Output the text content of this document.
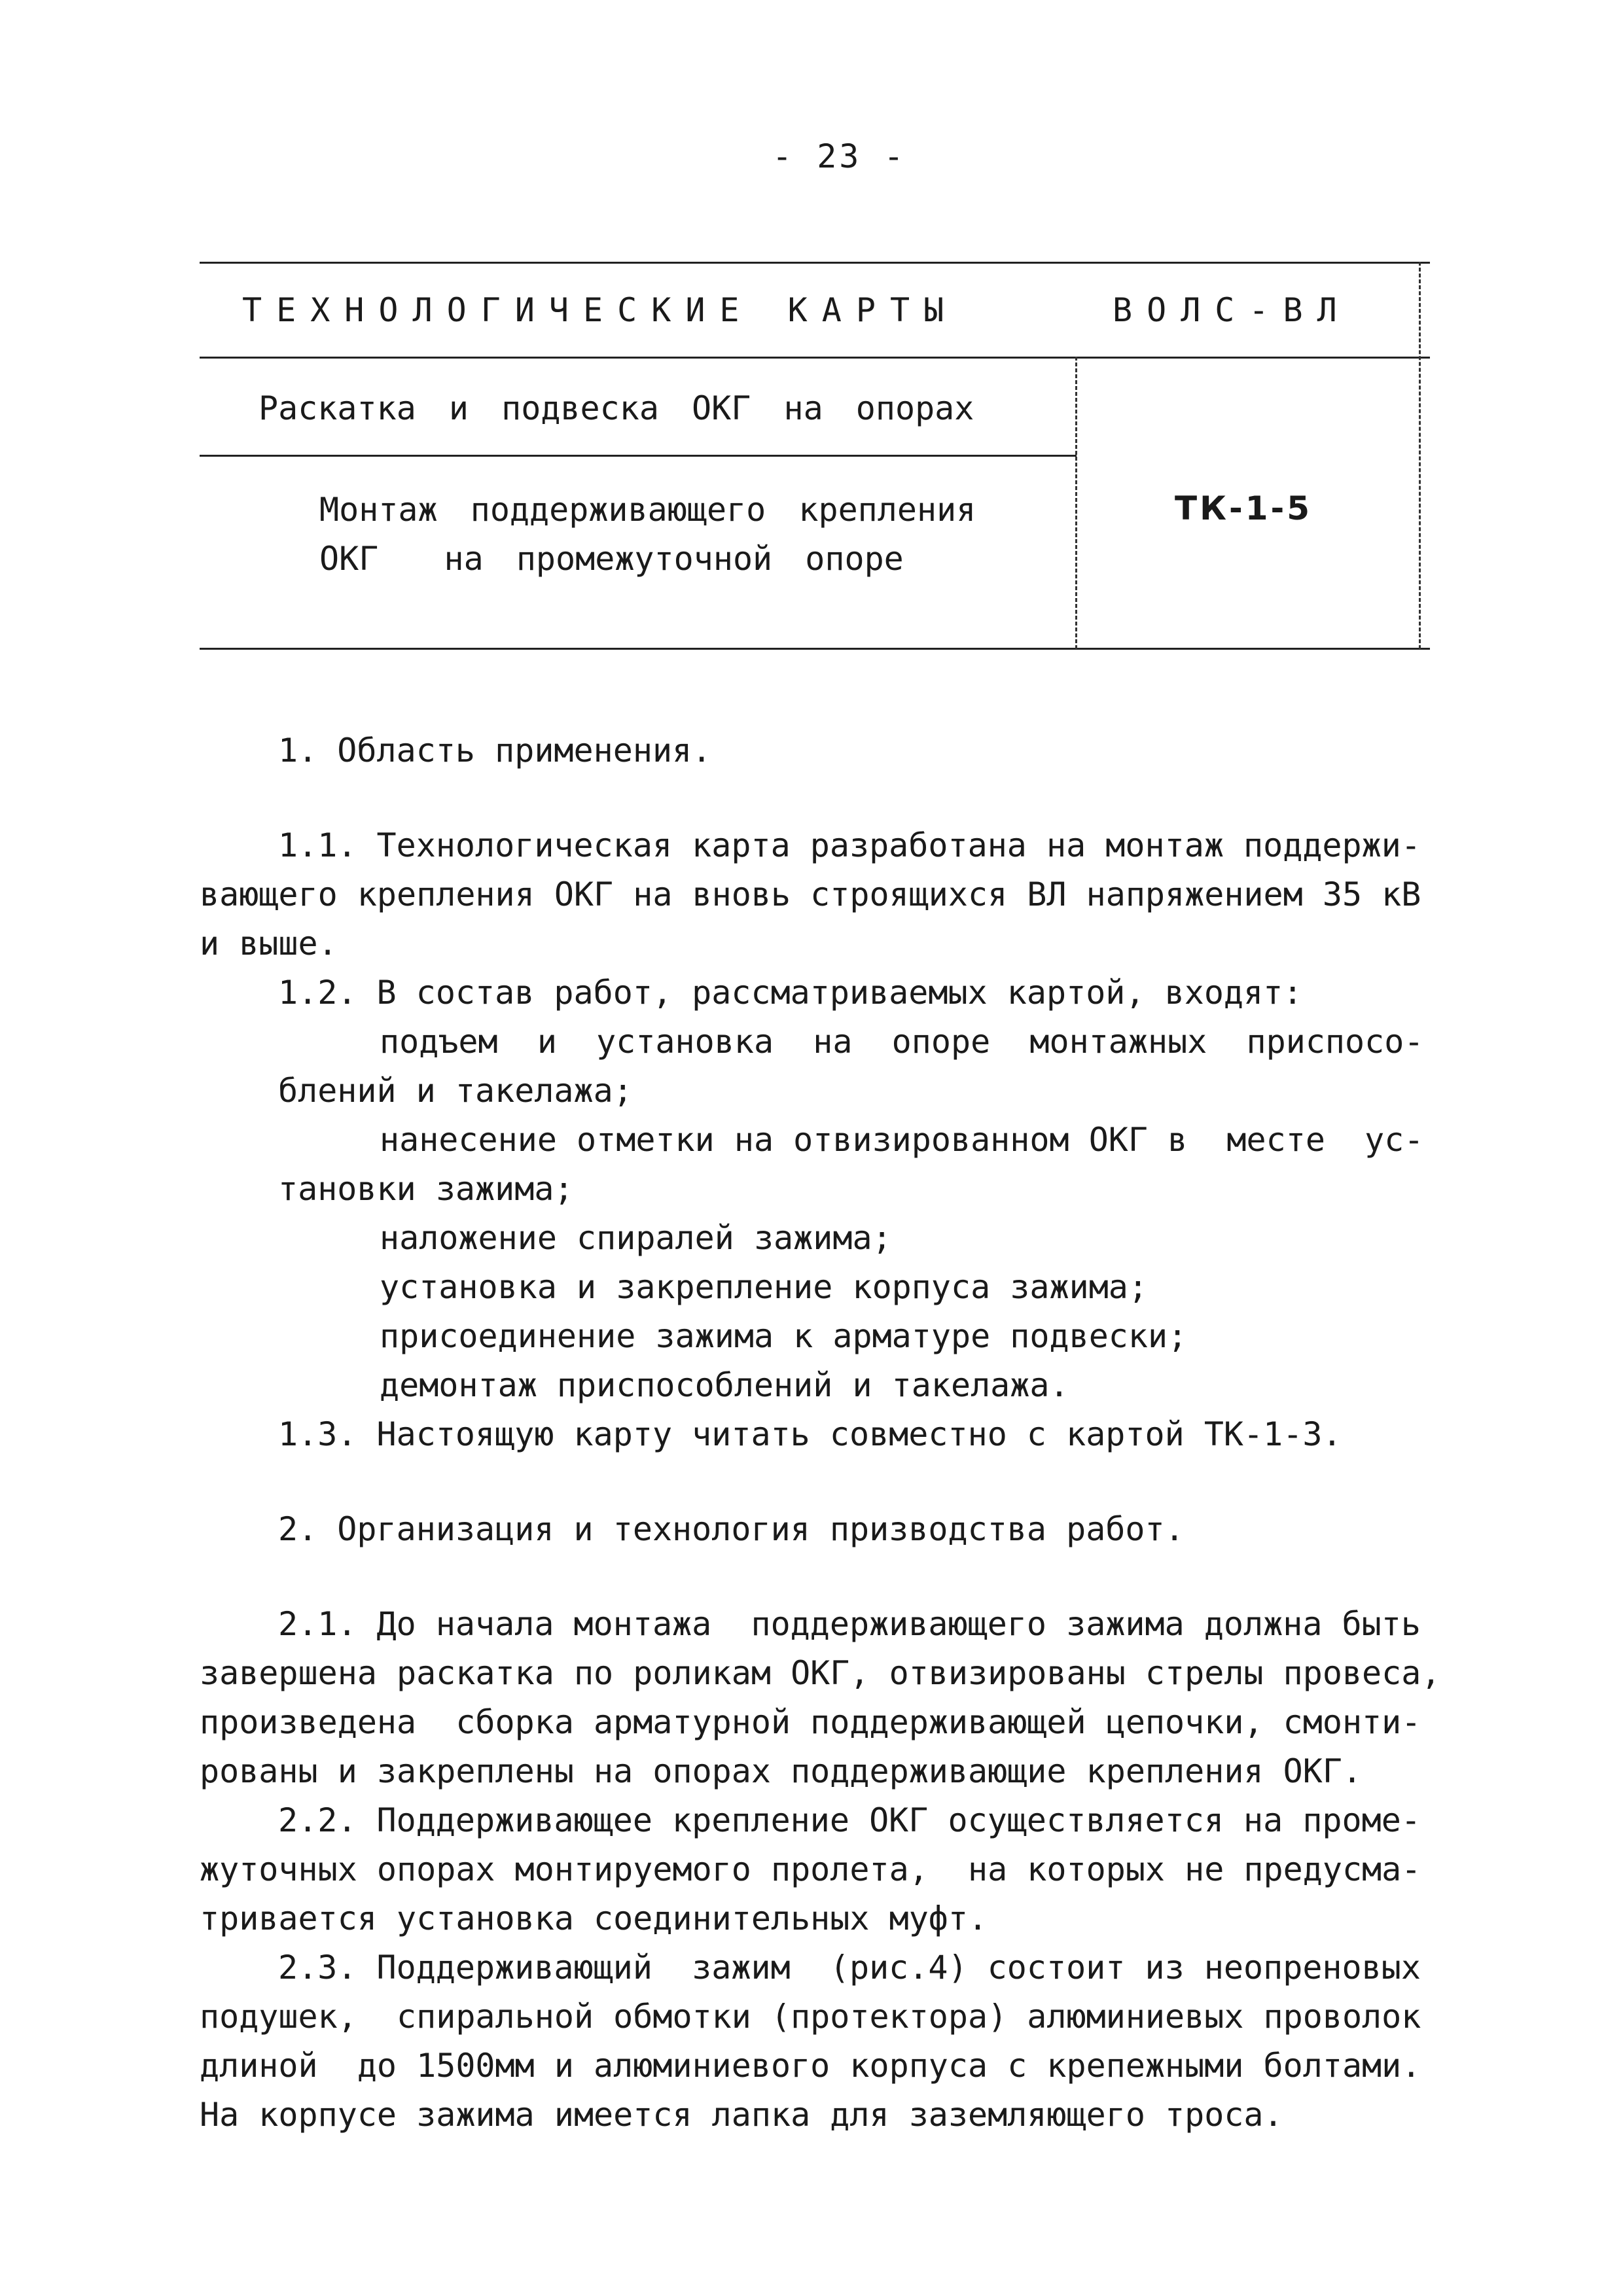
- 23 -
ТЕХНОЛОГИЧЕСКИЕ КАРТЫ	ВОЛС-ВЛ
Раскатка и подвеска ОКГ на опорах
Монтаж поддерживающего крепления
ОКГ  на промежуточной опоре
ТК-1-5
1. Область применения.
1.1. Технологическая карта разработана на монтаж поддержи-
вающего крепления ОКГ на вновь строящихся ВЛ напряжением 35 кВ
и выше.
1.2. В состав работ, рассматриваемых картой, входят:
подъем  и  установка  на  опоре  монтажных  приспосо-
блений и такелажа;
нанесение отметки на отвизированном ОКГ в  месте  ус-
тановки зажима;
наложение спиралей зажима;
установка и закрепление корпуса зажима;
присоединение зажима к арматуре подвески;
демонтаж приспособлений и такелажа.
1.3. Настоящую карту читать совместно с картой ТК-1-3.
2. Организация и технология призводства работ.
2.1. До начала монтажа  поддерживающего зажима должна быть
завершена раскатка по роликам ОКГ, отвизированы стрелы провеса,
произведена  сборка арматурной поддерживающей цепочки, смонти-
рованы и закреплены на опорах поддерживающие крепления ОКГ.
2.2. Поддерживающее крепление ОКГ осуществляется на проме-
жуточных опорах монтируемого пролета,  на которых не предусма-
тривается установка соединительных муфт.
2.3. Поддерживающий  зажим  (рис.4) состоит из неопреновых
подушек,  спиральной обмотки (протектора) алюминиевых проволок
длиной  до 1500мм и алюминиевого корпуса с крепежными болтами.
На корпусе зажима имеется лапка для заземляющего троса.
